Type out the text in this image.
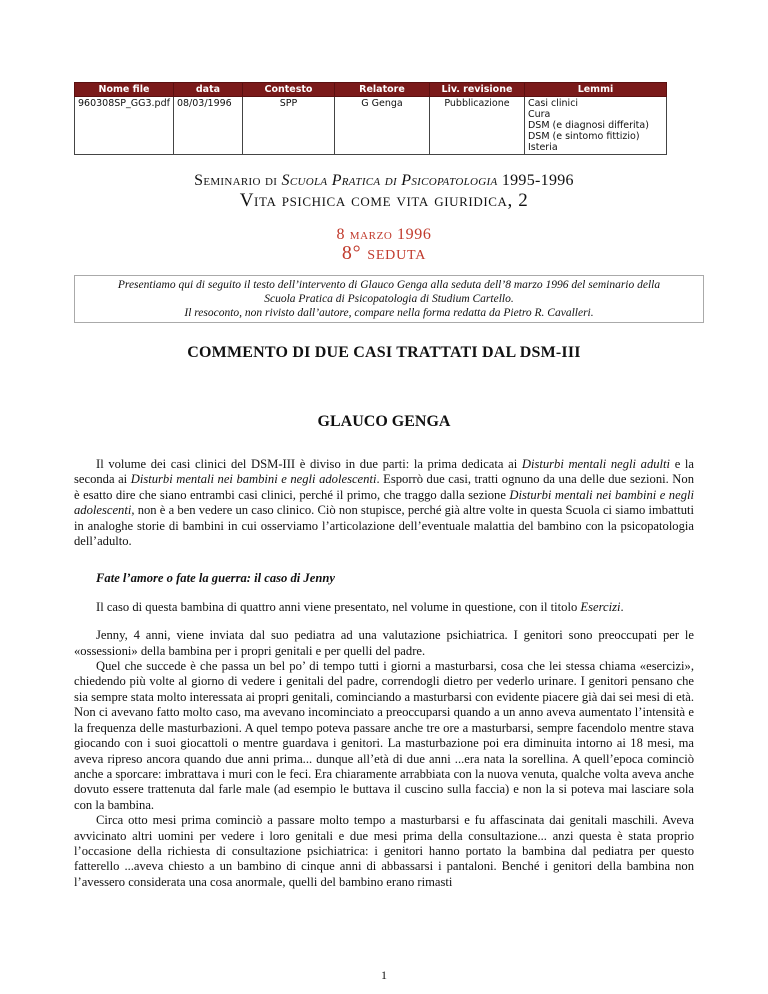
Nome file	data	Contesto	Relatore	Liv. revisione	Lemmi
960308SP_GG3.pdf	08/03/1996	SPP	G Genga	Pubblicazione	Casi clinici
Cura
DSM (e diagnosi differita)
DSM (e sintomo fittizio)
Isteria
Seminario di Scuola Pratica di Psicopatologia 1995-1996
Vita psichica come vita giuridica, 2
8 marzo 1996
8° seduta
Presentiamo qui di seguito il testo dell’intervento di Glauco Genga alla seduta dell’8 marzo 1996 del seminario della
Scuola Pratica di Psicopatologia di Studium Cartello.
Il resoconto, non rivisto dall’autore, compare nella forma redatta da Pietro R. Cavalleri.
COMMENTO DI DUE CASI TRATTATI DAL DSM-III
GLAUCO GENGA

Il volume dei casi clinici del DSM-III è diviso in due parti: la prima dedicata ai Disturbi mentali negli adulti e la seconda ai Disturbi mentali nei bambini e negli adolescenti. Esporrò due casi, tratti ognuno da una delle due sezioni. Non è esatto dire che siano entrambi casi clinici, perché il primo, che traggo dalla sezione Disturbi mentali nei bambini e negli adolescenti, non è a ben vedere un caso clinico. Ciò non stupisce, perché già altre volte in questa Scuola ci siamo imbattuti in analoghe storie di bambini in cui osserviamo l’articolazione dell’eventuale malattia del bambino con la psicopatologia dell’adulto.

Fate l’amore o fate la guerra: il caso di Jenny

Il caso di questa bambina di quattro anni viene presentato, nel volume in questione, con il titolo Esercizi.

Jenny, 4 anni, viene inviata dal suo pediatra ad una valutazione psichiatrica. I genitori sono preoccupati per le «ossessioni» della bambina per i propri genitali e per quelli del padre.

Quel che succede è che passa un bel po’ di tempo tutti i giorni a masturbarsi, cosa che lei stessa chiama «esercizi», chiedendo più volte al giorno di vedere i genitali del padre, correndogli dietro per vederlo urinare. I genitori pensano che sia sempre stata molto interessata ai propri genitali, cominciando a masturbarsi con evidente piacere già dai sei mesi di età. Non ci avevano fatto molto caso, ma avevano incominciato a preoccuparsi quando a un anno aveva aumentato l’intensità e la frequenza delle masturbazioni. A quel tempo poteva passare anche tre ore a masturbarsi, sempre facendolo mentre stava giocando con i suoi giocattoli o mentre guardava i genitori. La masturbazione poi era diminuita intorno ai 18 mesi, ma aveva ripreso ancora quando due anni prima... dunque all’età di due anni ...era nata la sorellina. A quell’epoca cominciò anche a sporcare: imbrattava i muri con le feci. Era chiaramente arrabbiata con la nuova venuta, qualche volta aveva anche dovuto essere trattenuta dal farle male (ad esempio le buttava il cuscino sulla faccia) e non la si poteva mai lasciare sola con la bambina.

Circa otto mesi prima cominciò a passare molto tempo a masturbarsi e fu affascinata dai genitali maschili. Aveva avvicinato altri uomini per vedere i loro genitali e due mesi prima della consultazione... anzi questa è stata proprio l’occasione della richiesta di consultazione psichiatrica: i genitori hanno portato la bambina dal pediatra per questo fatterello ...aveva chiesto a un bambino di cinque anni di abbassarsi i pantaloni. Benché i genitori della bambina non l’avessero considerata una cosa anormale, quelli del bambino erano rimasti

1
